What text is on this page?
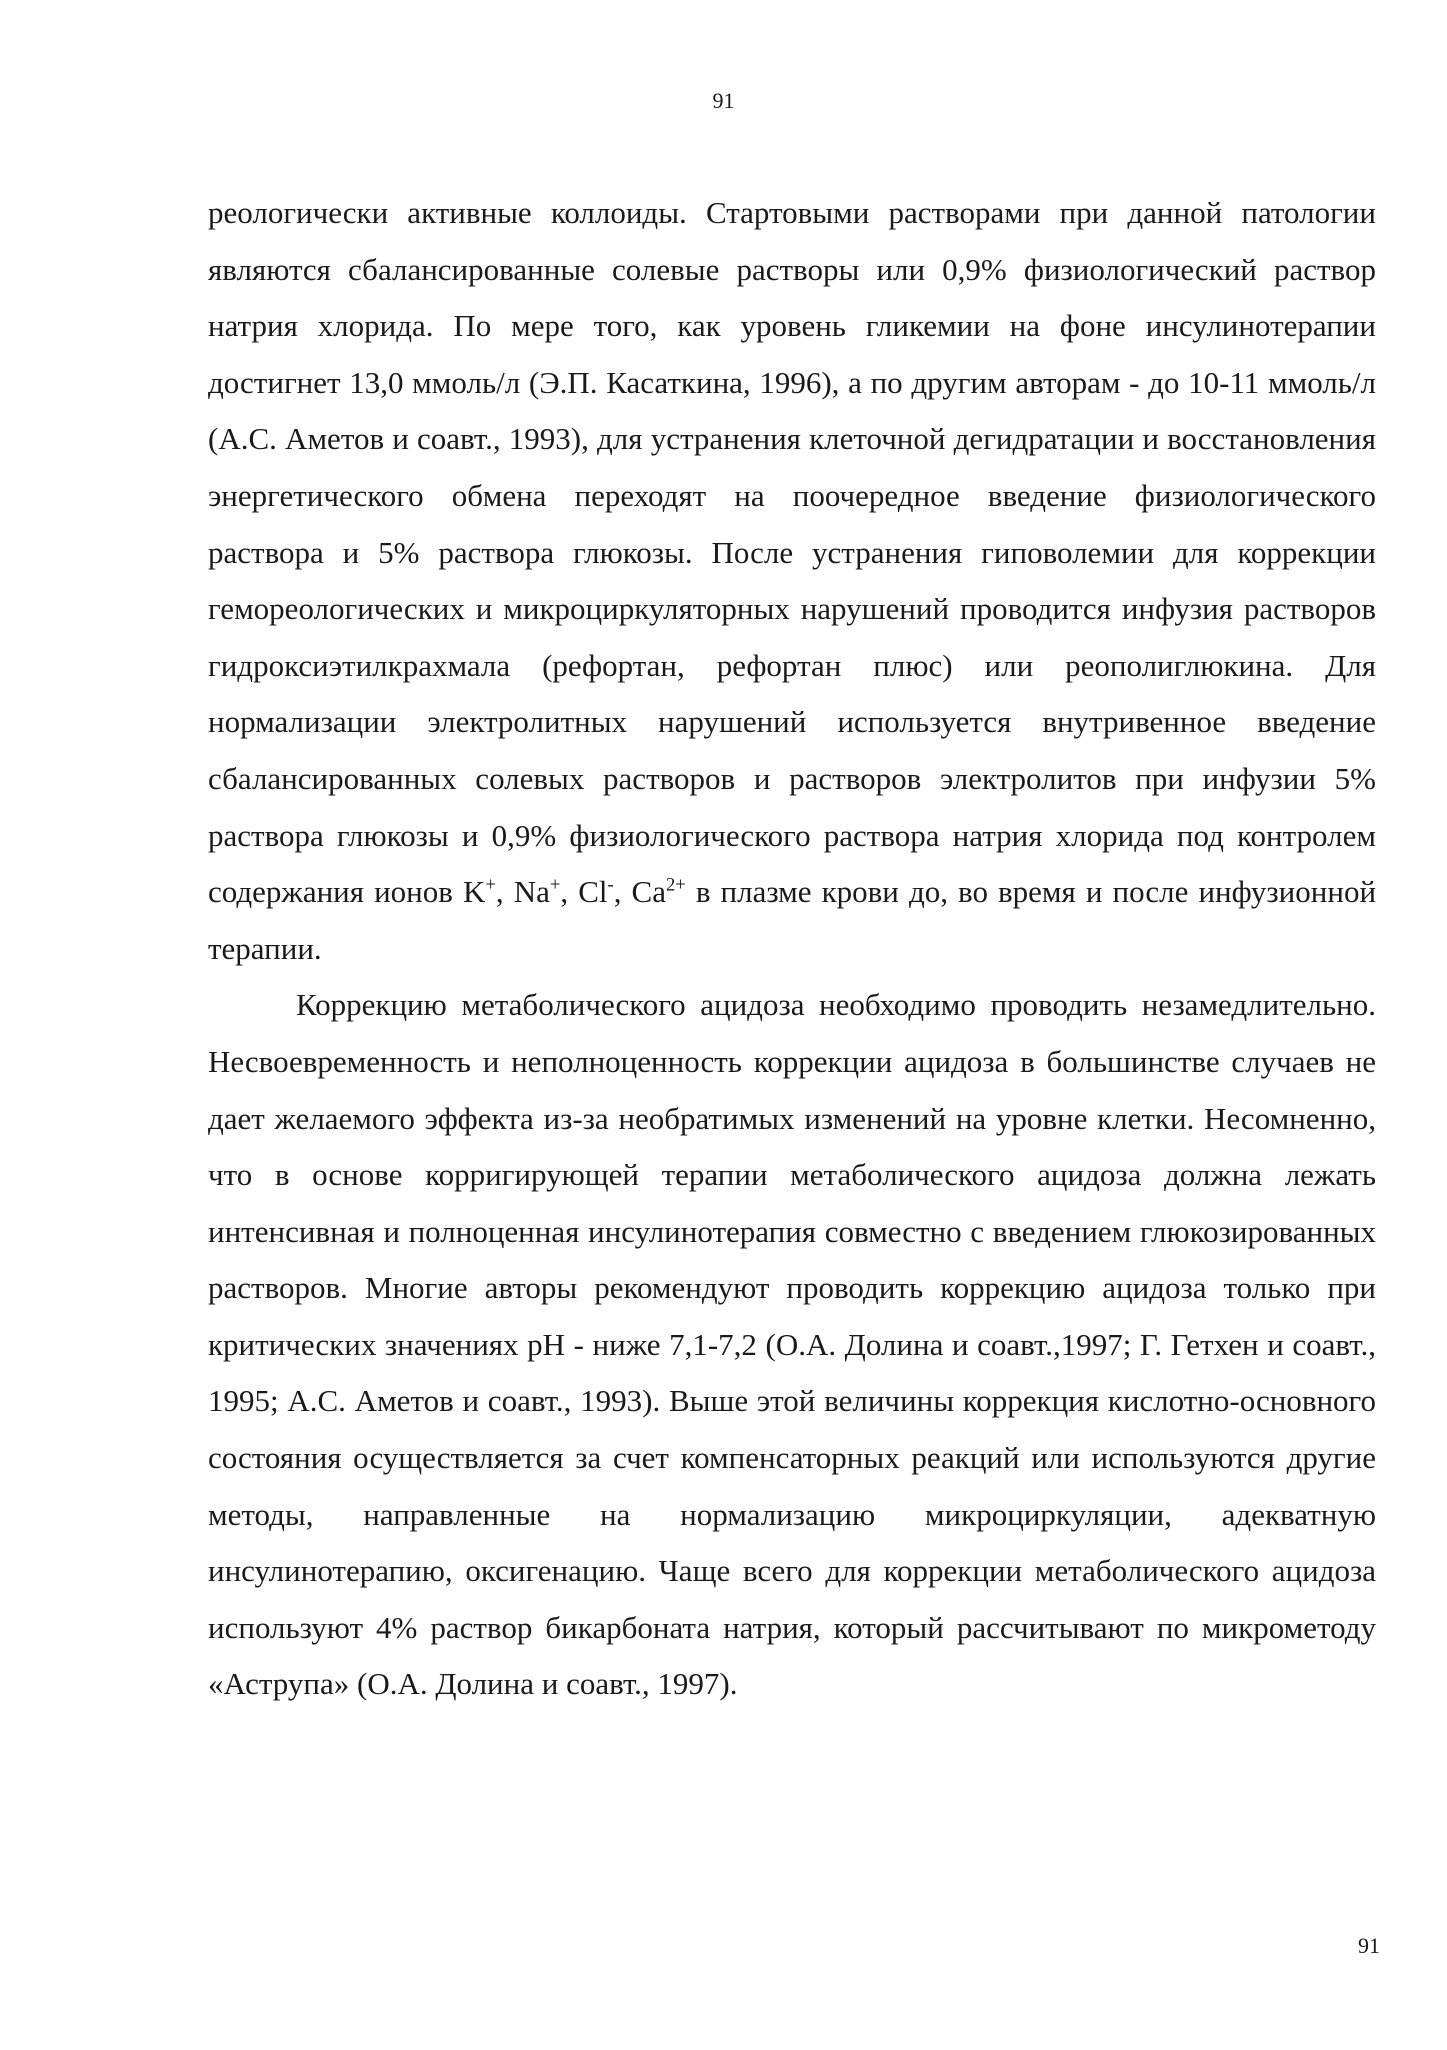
91

реологически активные коллоиды. Стартовыми растворами при данной патологии являются сбалансированные солевые растворы или 0,9% физиологический раствор натрия хлорида. По мере того, как уровень гликемии на фоне инсулинотерапии достигнет 13,0 ммоль/л (Э.П. Касаткина, 1996), а по другим авторам - до 10-11 ммоль/л (А.С. Аметов и соавт., 1993), для устранения клеточной дегидратации и восстановления энергетического обмена переходят на поочередное введение физиологического раствора и 5% раствора глюкозы. После устранения гиповолемии для коррекции гемореологических и микроциркуляторных нарушений проводится инфузия растворов гидроксиэтилкрахмала (рефортан, рефортан плюс) или реополиглюкина. Для нормализации электролитных нарушений используется внутривенное введение сбалансированных солевых растворов и растворов электролитов при инфузии 5% раствора глюкозы и 0,9% физиологического раствора натрия хлорида под контролем содержания ионов K+, Na+, Cl-, $Ca^{2+}$ в плазме крови до, во время и после инфузионной терапии.

Коррекцию метаболического ацидоза необходимо проводить незамедлительно. Несвоевременность и неполноценность коррекции ацидоза в большинстве случаев не дает желаемого эффекта из-за необратимых изменений на уровне клетки. Несомненно, что в основе корригирующей терапии метаболического ацидоза должна лежать интенсивная и полноценная инсулинотерапия совместно с введением глюкозированных растворов. Многие авторы рекомендуют проводить коррекцию ацидоза только при критических значениях pH - ниже 7,1-7,2 (О.А. Долина и соавт.,1997; Г. Гетхен и соавт., 1995; А.С. Аметов и соавт., 1993). Выше этой величины коррекция кислотно-основного состояния осуществляется за счет компенсаторных реакций или используются другие методы, направленные на нормализацию микроциркуляции, адекватную инсулинотерапию, оксигенацию. Чаще всего для коррекции метаболического ацидоза используют 4% раствор бикарбоната натрия, который рассчитывают по микрометоду «Аструпа» (О.А. Долина и соавт., 1997).

91
